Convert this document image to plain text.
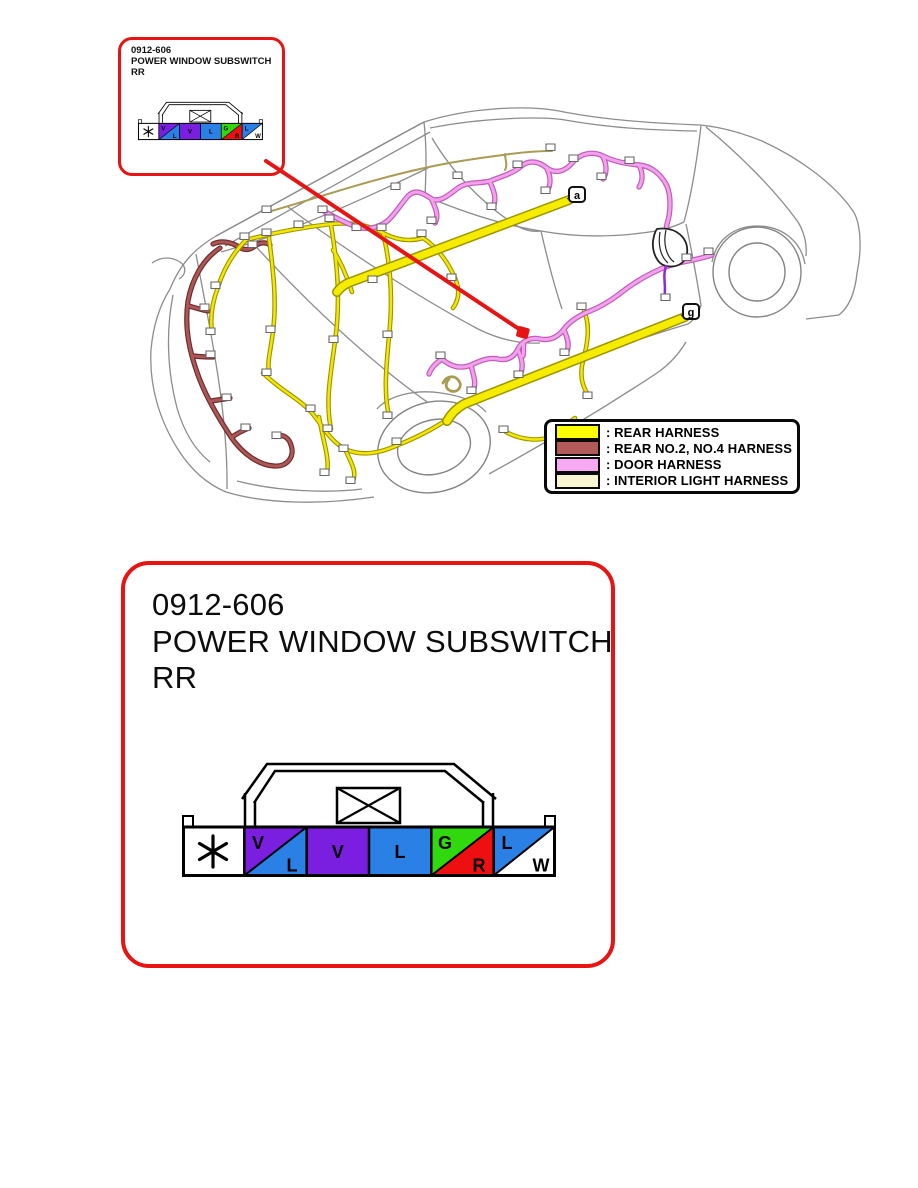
V
L
V	L	G
R
L
W
a
g
0912-606
POWER WINDOW SUBSWITCH
RR
: REAR HARNESS
: REAR NO.2, NO.4 HARNESS
: DOOR HARNESS
: INTERIOR LIGHT HARNESS
0912-606
POWER WINDOW SUBSWITCH
RR
